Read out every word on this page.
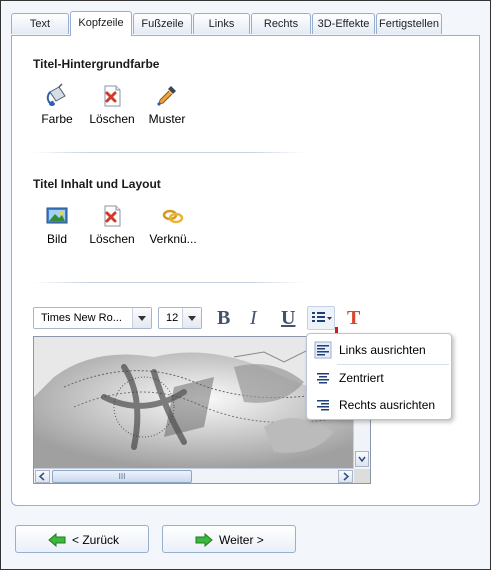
Text	Kopfzeile	Fußzeile	Links	Rechts	3D-Effekte Fertigstellen
Titel-Hintergrundfarbe
Farbe	Löschen	Muster
Titel Inhalt und Layout
Bild	Löschen	Verknü...
Times New Ro...	12	B I U	T
III
Links ausrichten
Zentriert
Rechts ausrichten
< Zurück	Weiter >
